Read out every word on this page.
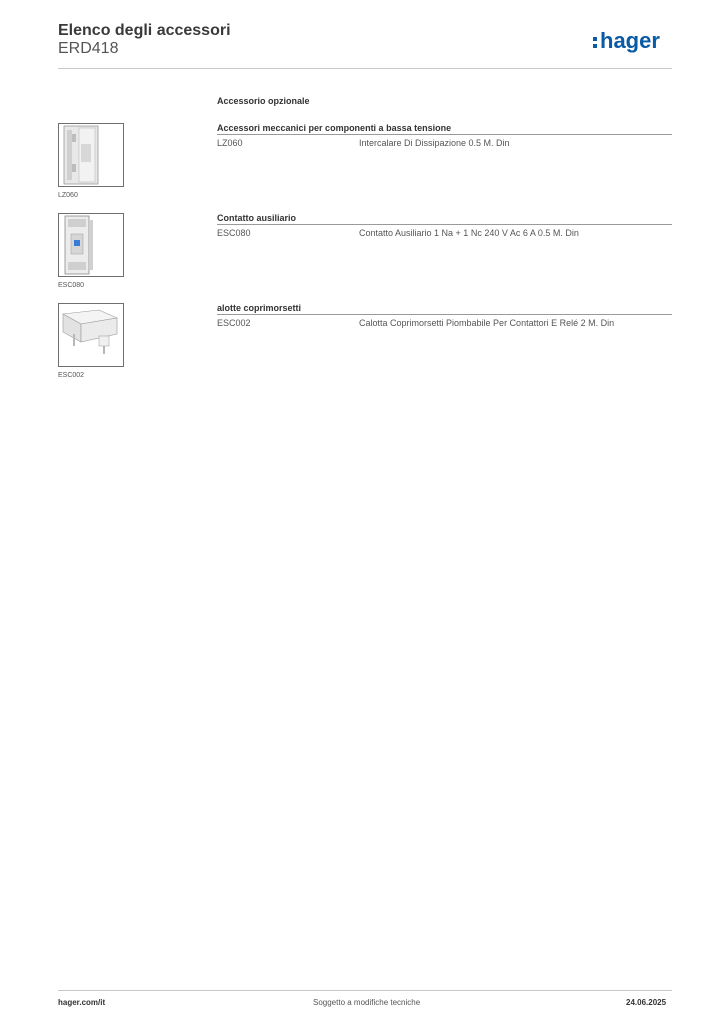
Elenco degli accessori
ERD418	hager
Accessorio opzionale
LZ060
Accessori meccanici per componenti a bassa tensione
LZ060	Intercalare Di Dissipazione 0.5 M. Din
ESC080
Contatto ausiliario
ESC080	Contatto Ausiliario 1 Na + 1 Nc 240 V Ac 6 A 0.5 M. Din
ESC002
alotte coprimorsetti
ESC002	Calotta Coprimorsetti Piombabile Per Contattori E Relé 2 M. Din
hager.com/it	Soggetto a modifiche tecniche	24.06.2025
